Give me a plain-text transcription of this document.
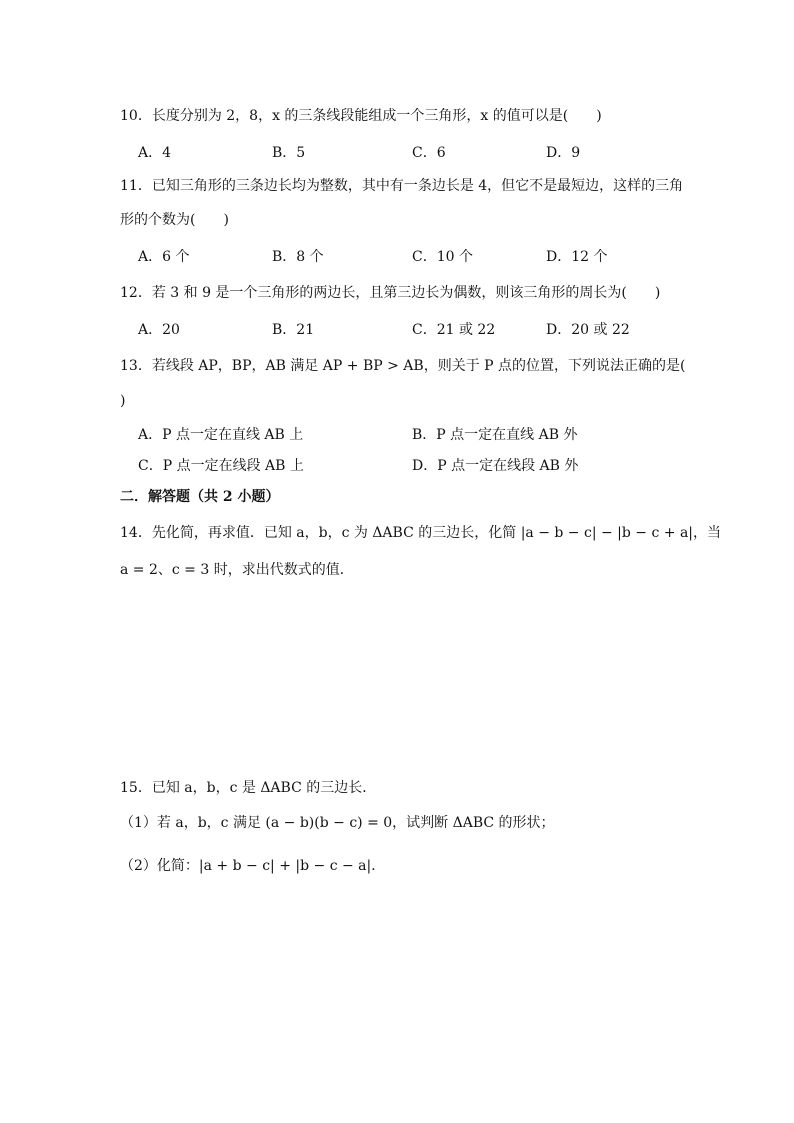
10．长度分别为 2，8，x 的三条线段能组成一个三角形，x 的值可以是(　　)
A．4	B．5	C．6	D．9
11．已知三角形的三条边长均为整数，其中有一条边长是 4，但它不是最短边，这样的三角
形的个数为(　　)
A．6 个	B．8 个	C．10 个	D．12 个
12．若 3 和 9 是一个三角形的两边长，且第三边长为偶数，则该三角形的周长为(　　)
A．20	B．21	C．21 或 22	D．20 或 22
13．若线段 AP，BP，AB 满足 AP + BP > AB，则关于 P 点的位置，下列说法正确的是(
)
A．P 点一定在直线 AB 上	B．P 点一定在直线 AB 外
C．P 点一定在线段 AB 上	D．P 点一定在线段 AB 外
二．解答题（共 2 小题）
14．先化简，再求值．已知 a，b，c 为 ΔABC 的三边长，化简 |a − b − c| − |b − c + a|，当
a = 2、c = 3 时，求出代数式的值．
15．已知 a，b，c 是 ΔABC 的三边长．
（1）若 a，b，c 满足 (a − b)(b − c) = 0，试判断 ΔABC 的形状；
（2）化简：|a + b − c| + |b − c − a|．
